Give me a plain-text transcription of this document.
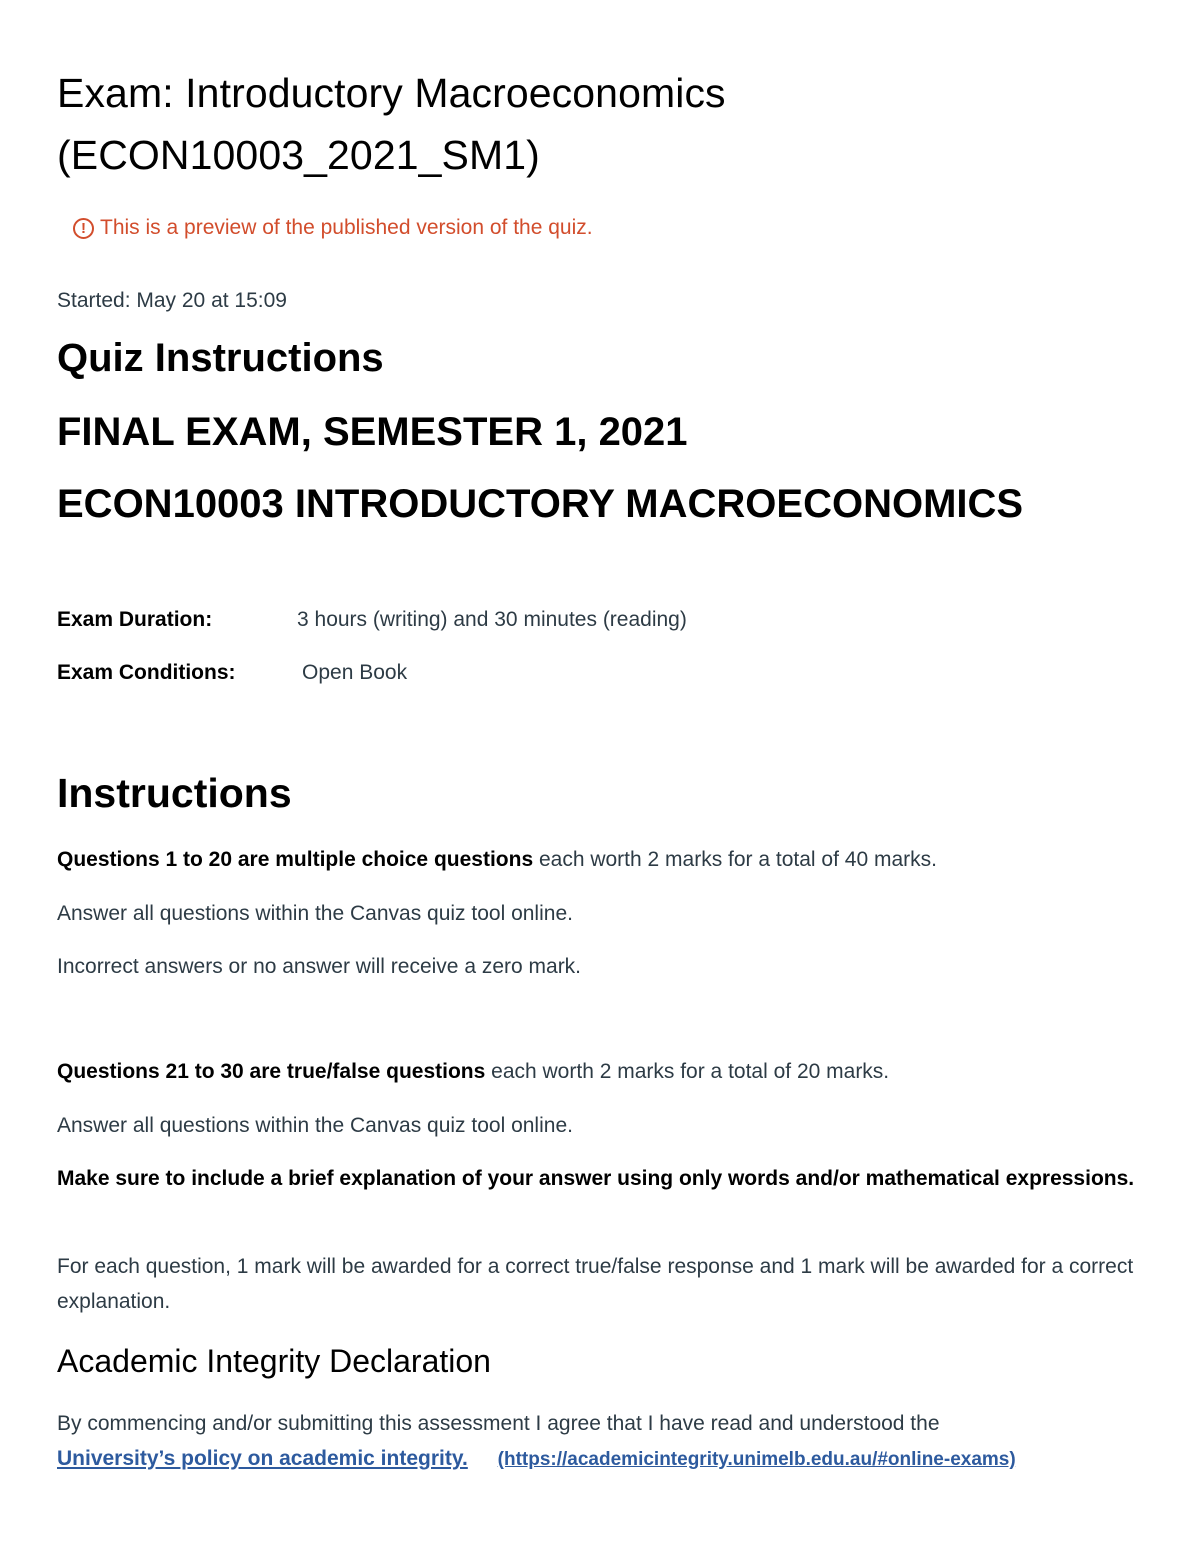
Exam: Introductory Macroeconomics
(ECON10003_2021_SM1)
! This is a preview of the published version of the quiz.
Started: May 20 at 15:09
Quiz Instructions
FINAL EXAM, SEMESTER 1, 2021
ECON10003 INTRODUCTORY MACROECONOMICS
Exam Duration:	3 hours (writing) and 30 minutes (reading)
Exam Conditions:	Open Book
Instructions

Questions 1 to 20 are multiple choice questions each worth 2 marks for a total of 40 marks.

Answer all questions within the Canvas quiz tool online.

Incorrect answers or no answer will receive a zero mark.

Questions 21 to 30 are true/false questions each worth 2 marks for a total of 20 marks.

Answer all questions within the Canvas quiz tool online.

Make sure to include a brief explanation of your answer using only words and/or mathematical expressions.

For each question, 1 mark will be awarded for a correct true/false response and 1 mark will be awarded for a correct explanation.

Academic Integrity Declaration

By commencing and/or submitting this assessment I agree that I have read and understood the

University’s policy on academic integrity. (https://academicintegrity.unimelb.edu.au/#online-exams)
